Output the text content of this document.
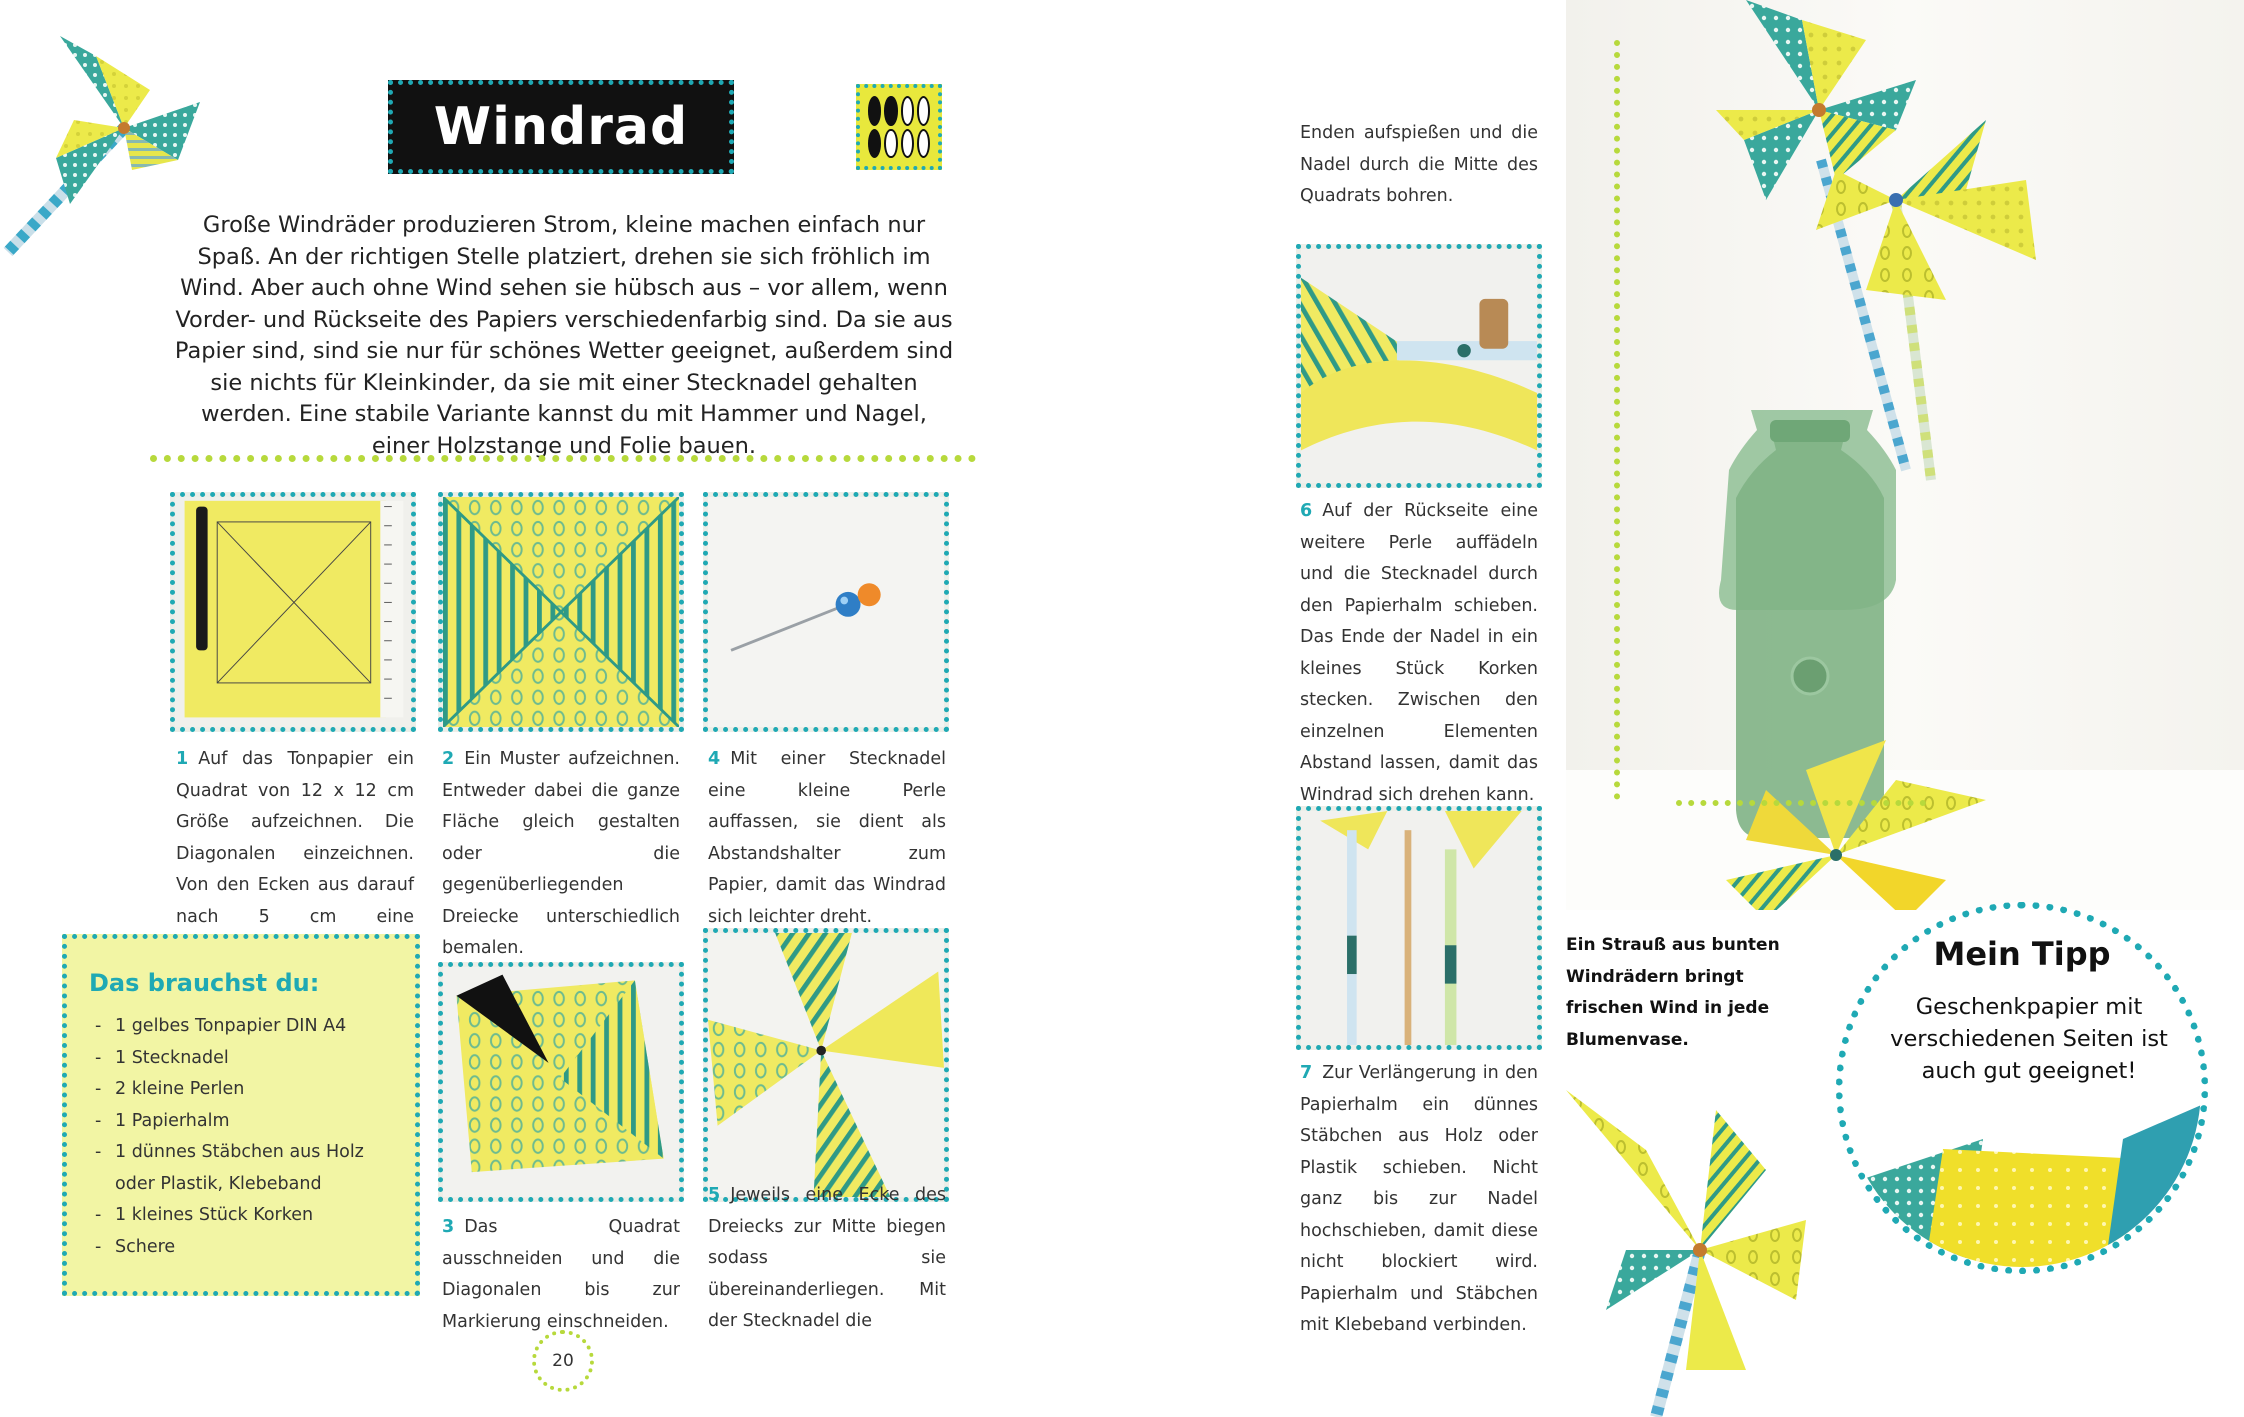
Windrad
Große Windräder produzieren Strom, kleine machen einfach nur Spaß. An der richtigen Stelle platziert, drehen sie sich fröhlich im Wind. Aber auch ohne Wind sehen sie hübsch aus – vor allem, wenn Vorder- und Rückseite des Papiers verschiedenfarbig sind. Da sie aus Papier sind, sind sie nur für schönes Wetter geeignet, außerdem sind sie nichts für Kleinkinder, da sie mit einer Stecknadel gehalten werden. Eine stabile Variante kannst du mit Hammer und Nagel, einer Holzstange und Folie bauen.
1 Auf das Tonpapier ein Quadrat von 12 x 12 cm Größe aufzeichnen. Die Diagonalen einzeichnen. Von den Ecken aus darauf nach 5 cm eine
2 Ein Muster aufzeichnen. Entweder dabei die ganze Fläche gleich gestalten oder die gegenüberliegenden Dreiecke unterschiedlich bemalen.
4 Mit einer Stecknadel eine kleine Perle auffassen, sie dient als Abstandshalter zum Papier, damit das Windrad sich leichter dreht.
Das brauchst du:
- 1 gelbes Tonpapier DIN A4
- 1 Stecknadel
- 2 kleine Perlen
- 1 Papierhalm
- 1 dünnes Stäbchen aus Holz
oder Plastik, Klebeband
- 1 kleines Stück Korken
- Schere
3 Das Quadrat ausschneiden und die Diagonalen bis zur Markierung einschneiden.
5 Jeweils eine Ecke des Dreiecks zur Mitte biegen sodass sie übereinanderliegen. Mit der Stecknadel die
20
Enden aufspießen und die Nadel durch die Mitte des Quadrats bohren.
6 Auf der Rückseite eine weitere Perle auffädeln und die Stecknadel durch den Papierhalm schieben. Das Ende der Nadel in ein kleines Stück Korken stecken. Zwischen den einzelnen Elementen Abstand lassen, damit das Windrad sich drehen kann.
7 Zur Verlängerung in den Papierhalm ein dünnes Stäbchen aus Holz oder Plastik schieben. Nicht ganz bis zur Nadel hochschieben, damit diese nicht blockiert wird. Papierhalm und Stäbchen mit Klebeband verbinden.
Ein Strauß aus bunten Windrädern bringt frischen Wind in jede Blumenvase.
Mein Tipp
Geschenkpapier mit verschiedenen Seiten ist auch gut geeignet!
